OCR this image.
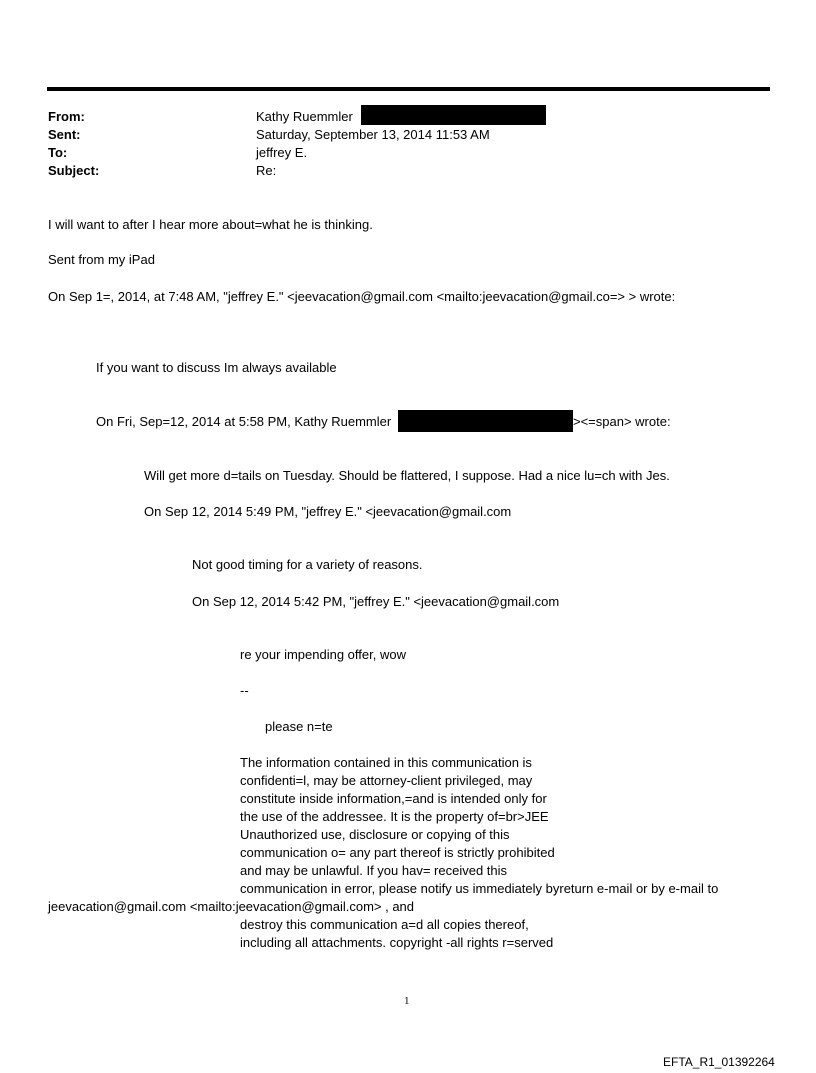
From:	Kathy Ruemmler
Sent:	Saturday, September 13, 2014 11:53 AM
To:	jeffrey E.
Subject:	Re:
I will want to after I hear more about=what he is thinking.
Sent from my iPad
On Sep 1=, 2014, at 7:48 AM, "jeffrey E." <jeevacation@gmail.com <mailto:jeevacation@gmail.co=> > wrote:
If you want to discuss Im always available
On Fri, Sep=12, 2014 at 5:58 PM, Kathy Ruemmler	><=span> wrote:
Will get more d=tails on Tuesday. Should be flattered, I suppose. Had a nice lu=ch with Jes.
On Sep 12, 2014 5:49 PM, "jeffrey E." <jeevacation@gmail.com
Not good timing for a variety of reasons.
On Sep 12, 2014 5:42 PM, "jeffrey E." <jeevacation@gmail.com
re your impending offer, wow
--
please n=te
The information contained in this communication is
confidenti=l, may be attorney-client privileged, may
constitute inside information,=and is intended only for
the use of the addressee. It is the property of=br>JEE
Unauthorized use, disclosure or copying of this
communication o= any part thereof is strictly prohibited
and may be unlawful. If you hav= received this
communication in error, please notify us immediately byreturn e-mail or by e-mail to
jeevacation@gmail.com <mailto:jeevacation@gmail.com> , and
destroy this communication a=d all copies thereof,
including all attachments. copyright -all rights r=served
1
EFTA_R1_01392264
